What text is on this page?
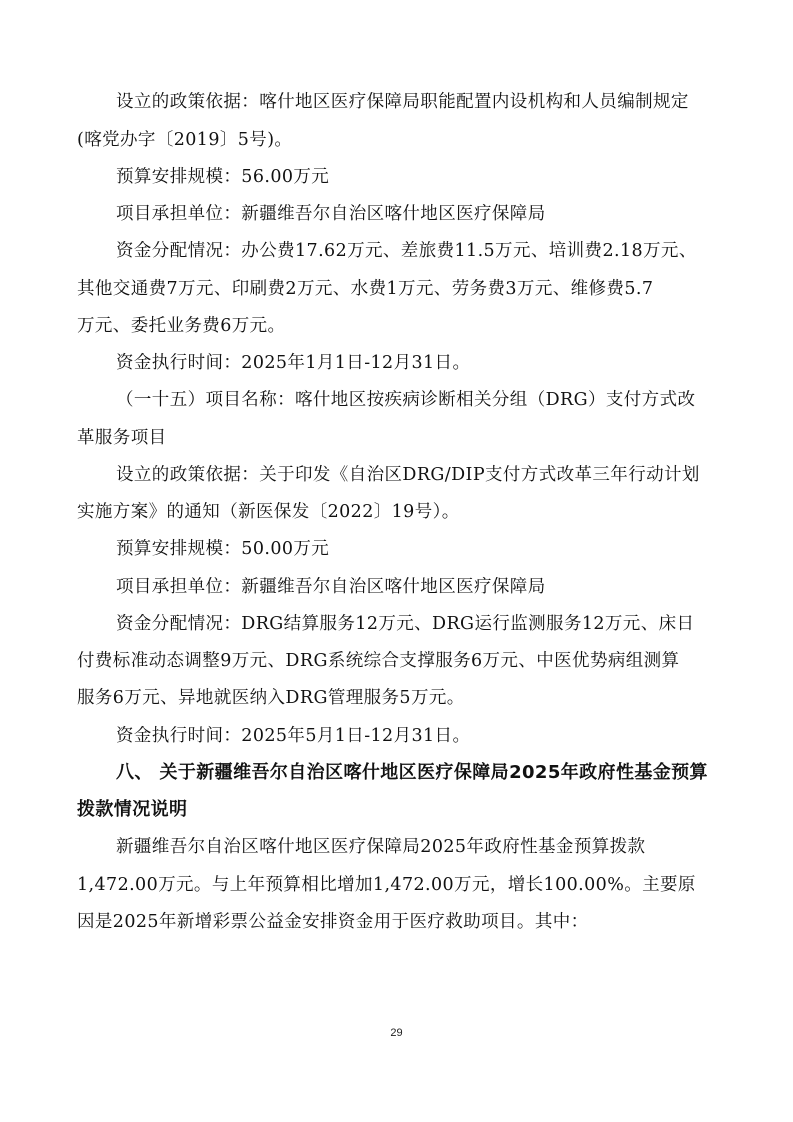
设立的政策依据：喀什地区医疗保障局职能配置内设机构和人员编制规定

(喀党办字〔2019〕5号)。

预算安排规模：56.00万元

项目承担单位：新疆维吾尔自治区喀什地区医疗保障局

资金分配情况：办公费17.62万元、差旅费11.5万元、培训费2.18万元、

其他交通费7万元、印刷费2万元、水费1万元、劳务费3万元、维修费5.7

万元、委托业务费6万元。

资金执行时间：2025年1月1日-12月31日。

（一十五）项目名称：喀什地区按疾病诊断相关分组（DRG）支付方式改

革服务项目

设立的政策依据：关于印发《自治区DRG/DIP支付方式改革三年行动计划

实施方案》的通知（新医保发〔2022〕19号）。

预算安排规模：50.00万元

项目承担单位：新疆维吾尔自治区喀什地区医疗保障局

资金分配情况：DRG结算服务12万元、DRG运行监测服务12万元、床日

付费标准动态调整9万元、DRG系统综合支撑服务6万元、中医优势病组测算

服务6万元、异地就医纳入DRG管理服务5万元。

资金执行时间：2025年5月1日-12月31日。

八、 关于新疆维吾尔自治区喀什地区医疗保障局2025年政府性基金预算

拨款情况说明

新疆维吾尔自治区喀什地区医疗保障局2025年政府性基金预算拨款

1,472.00万元。与上年预算相比增加1,472.00万元，增长100.00%。主要原

因是2025年新增彩票公益金安排资金用于医疗救助项目。其中：

29
